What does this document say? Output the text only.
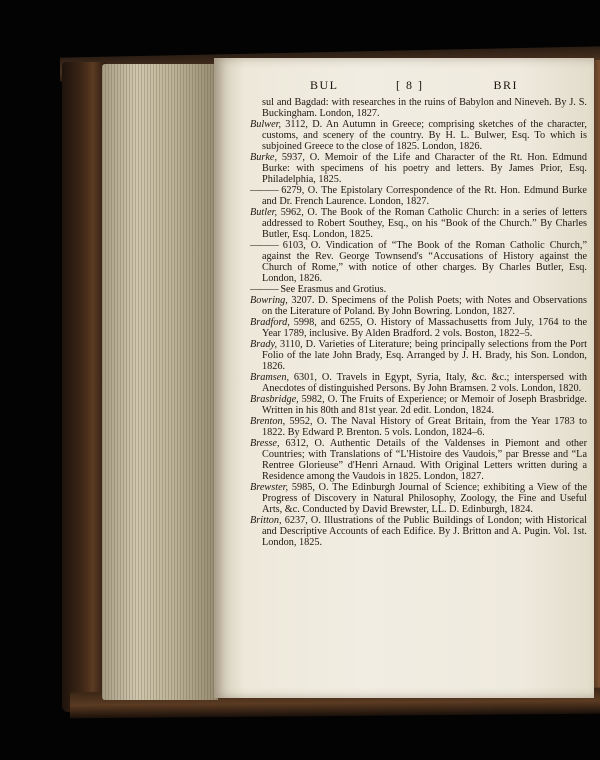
BUL	[ 8 ]	BRI

sul and Bagdad: with researches in the ruins of Babylon and Nineveh. By J. S. Buckingham. London, 1827.

Bulwer, 3112, D. An Autumn in Greece; comprising sketches of the character, customs, and scenery of the country. By H. L. Bulwer, Esq. To which is subjoined Greece to the close of 1825. London, 1826.

Burke, 5937, O. Memoir of the Life and Character of the Rt. Hon. Edmund Burke: with specimens of his poetry and letters. By James Prior, Esq. Philadelphia, 1825.

——— 6279, O. The Epistolary Correspondence of the Rt. Hon. Edmund Burke and Dr. French Laurence. London, 1827.

Butler, 5962, O. The Book of the Roman Catholic Church: in a series of letters addressed to Robert Southey, Esq., on his “Book of the Church.” By Charles Butler, Esq. London, 1825.

——— 6103, O. Vindication of “The Book of the Roman Catholic Church,” against the Rev. George Townsend's “Accusations of History against the Church of Rome,” with notice of other charges. By Charles Butler, Esq. London, 1826.

——— See Erasmus and Grotius.

Bowring, 3207. D. Specimens of the Polish Poets; with Notes and Observations on the Literature of Poland. By John Bowring. London, 1827.

Bradford, 5998, and 6255, O. History of Massachusetts from July, 1764 to the Year 1789, inclusive. By Alden Bradford. 2 vols. Boston, 1822–5.

Brady, 3110, D. Varieties of Literature; being principally selections from the Port Folio of the late John Brady, Esq. Arranged by J. H. Brady, his Son. London, 1826.

Bramsen, 6301, O. Travels in Egypt, Syria, Italy, &c. &c.; interspersed with Anecdotes of distinguished Persons. By John Bramsen. 2 vols. London, 1820.

Brasbridge, 5982, O. The Fruits of Experience; or Memoir of Joseph Brasbridge. Written in his 80th and 81st year. 2d edit. London, 1824.

Brenton, 5952, O. The Naval History of Great Britain, from the Year 1783 to 1822. By Edward P. Brenton. 5 vols. London, 1824–6.

Bresse, 6312, O. Authentic Details of the Valdenses in Piemont and other Countries; with Translations of “L'Histoire des Vaudois,” par Bresse and “La Rentree Glorieuse” d'Henri Arnaud. With Original Letters written during a Residence among the Vaudois in 1825. London, 1827.

Brewster, 5985, O. The Edinburgh Journal of Science; exhibiting a View of the Progress of Discovery in Natural Philosophy, Zoology, the Fine and Useful Arts, &c. Conducted by David Brewster, LL. D. Edinburgh, 1824.

Britton, 6237, O. Illustrations of the Public Buildings of London; with Historical and Descriptive Accounts of each Edifice. By J. Britton and A. Pugin. Vol. 1st. London, 1825.
